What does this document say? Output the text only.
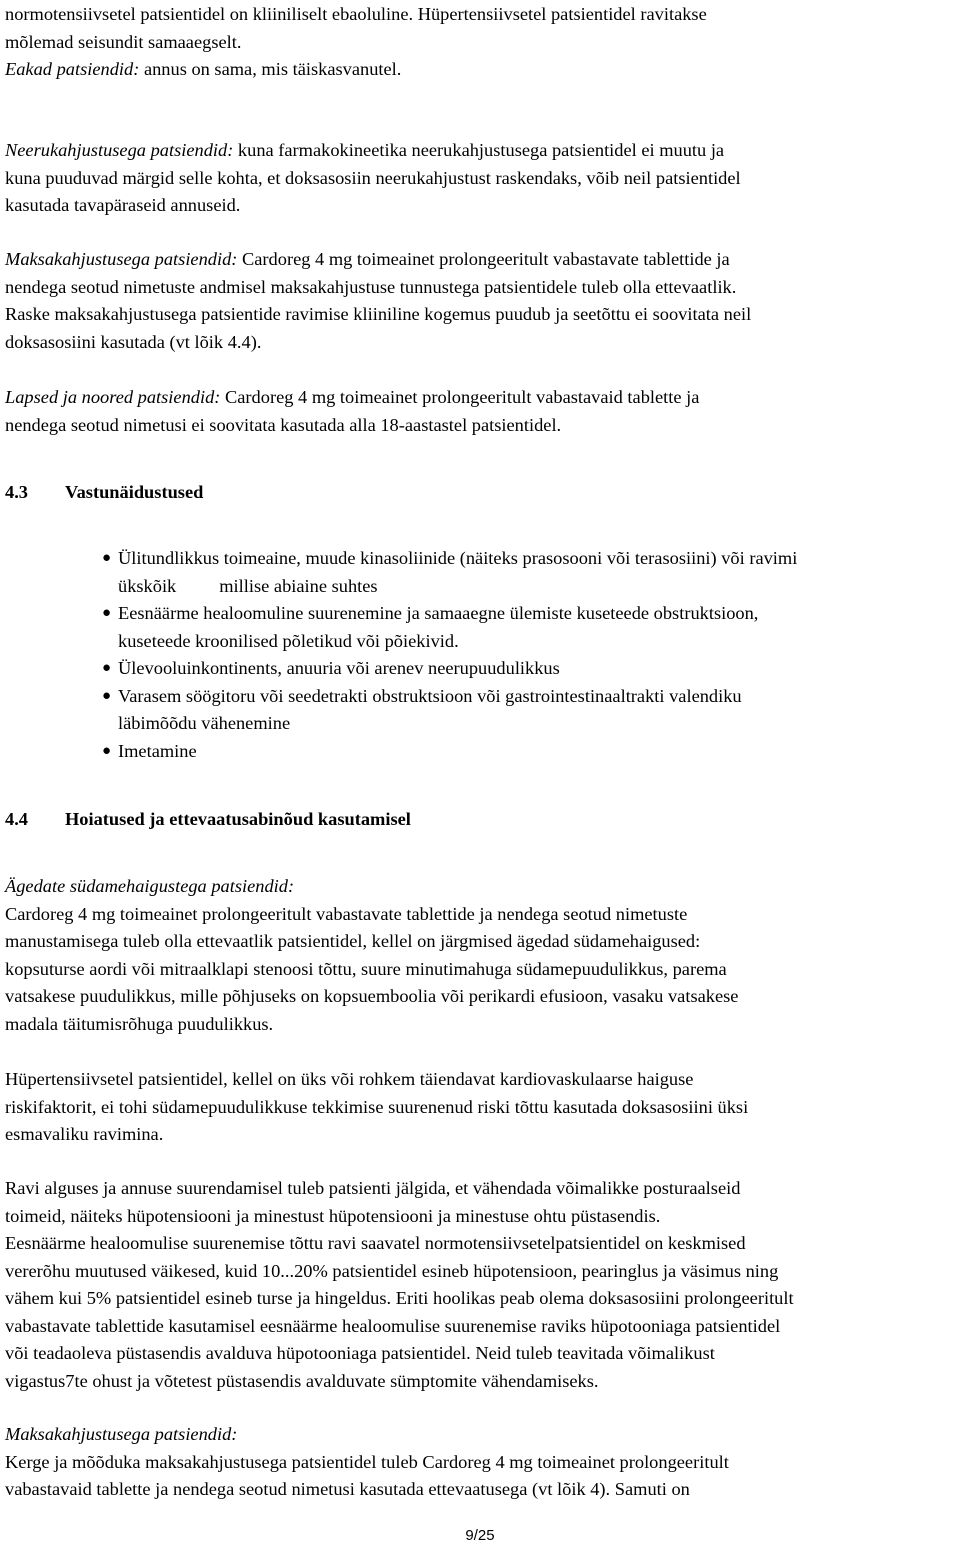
normotensiivsetel patsientidel on kliiniliselt ebaoluline. Hüpertensiivsetel patsientidel ravitakse
mõlemad seisundit samaaegselt.

Eakad patsiendid: annus on sama, mis täiskasvanutel.

Neerukahjustusega patsiendid: kuna farmakokineetika neerukahjustusega patsientidel ei muutu ja
kuna puuduvad märgid selle kohta, et doksasosiin neerukahjustust raskendaks, võib neil patsientidel
kasutada tavapäraseid annuseid.

Maksakahjustusega patsiendid: Cardoreg 4 mg toimeainet prolongeeritult vabastavate tablettide ja
nendega seotud nimetuste andmisel maksakahjustuse tunnustega patsientidele tuleb olla ettevaatlik.
Raske maksakahjustusega patsientide ravimise kliiniline kogemus puudub ja seetõttu ei soovitata neil
doksasosiini kasutada (vt lõik 4.4).

Lapsed ja noored patsiendid: Cardoreg 4 mg toimeainet prolongeeritult vabastavaid tablette ja
nendega seotud nimetusi ei soovitata kasutada alla 18-aastastel patsientidel.

4.3 Vastunäidustused

● Ülitundlikkus toimeaine, muude kinasoliinide (näiteks prasosooni või terasosiini) või ravimi
ükskõik millise abiaine suhtes
● Eesnäärme healoomuline suurenemine ja samaaegne ülemiste kuseteede obstruktsioon,
kuseteede kroonilised põletikud või põiekivid.
● Ülevooluinkontinents, anuuria või arenev neerupuudulikkus
● Varasem söögitoru või seedetrakti obstruktsioon või gastrointestinaaltrakti valendiku
läbimõõdu vähenemine
● Imetamine

4.4 Hoiatused ja ettevaatusabinõud kasutamisel

Ägedate südamehaigustega patsiendid:
Cardoreg 4 mg toimeainet prolongeeritult vabastavate tablettide ja nendega seotud nimetuste
manustamisega tuleb olla ettevaatlik patsientidel, kellel on järgmised ägedad südamehaigused:
kopsuturse aordi või mitraalklapi stenoosi tõttu, suure minutimahuga südamepuudulikkus, parema
vatsakese puudulikkus, mille põhjuseks on kopsuemboolia või perikardi efusioon, vasaku vatsakese
madala täitumisrõhuga puudulikkus.

Hüpertensiivsetel patsientidel, kellel on üks või rohkem täiendavat kardiovaskulaarse haiguse
riskifaktorit, ei tohi südamepuudulikkuse tekkimise suurenenud riski tõttu kasutada doksasosiini üksi
esmavaliku ravimina.

Ravi alguses ja annuse suurendamisel tuleb patsienti jälgida, et vähendada võimalikke posturaalseid
toimeid, näiteks hüpotensiooni ja minestust hüpotensiooni ja minestuse ohtu püstasendis.
Eesnäärme healoomulise suurenemise tõttu ravi saavatel normotensiivsetelpatsientidel on keskmised
vererõhu muutused väikesed, kuid 10...20% patsientidel esineb hüpotensioon, pearinglus ja väsimus ning
vähem kui 5% patsientidel esineb turse ja hingeldus. Eriti hoolikas peab olema doksasosiini prolongeeritult
vabastavate tablettide kasutamisel eesnäärme healoomulise suurenemise raviks hüpotooniaga patsientidel
või teadaoleva püstasendis avalduva hüpotooniaga patsientidel. Neid tuleb teavitada võimalikust
vigastus7te ohust ja võtetest püstasendis avalduvate sümptomite vähendamiseks.

Maksakahjustusega patsiendid:
Kerge ja mõõduka maksakahjustusega patsientidel tuleb Cardoreg 4 mg toimeainet prolongeeritult
vabastavaid tablette ja nendega seotud nimetusi kasutada ettevaatusega (vt lõik 4). Samuti on

9/25
